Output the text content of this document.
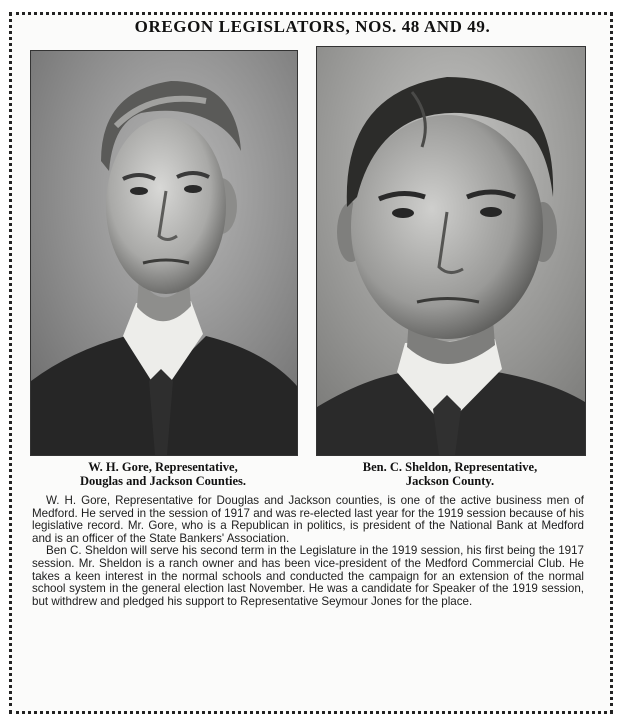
OREGON LEGISLATORS, NOS. 48 AND 49.
W. H. Gore, Representative,
Douglas and Jackson Counties.
Ben. C. Sheldon, Representative,
Jackson County.

W. H. Gore, Representative for Douglas and Jackson counties, is one of the active business men of Medford. He served in the session of 1917 and was re-elected last year for the 1919 session because of his legislative record. Mr. Gore, who is a Republican in politics, is president of the National Bank at Medford and is an officer of the State Bankers' Association.

Ben C. Sheldon will serve his second term in the Legislature in the 1919 session, his first being the 1917 session. Mr. Sheldon is a ranch owner and has been vice-president of the Medford Commercial Club. He takes a keen interest in the normal schools and conducted the campaign for an extension of the normal school system in the general election last November. He was a candidate for Speaker of the 1919 session, but withdrew and pledged his support to Representative Seymour Jones for the place.
